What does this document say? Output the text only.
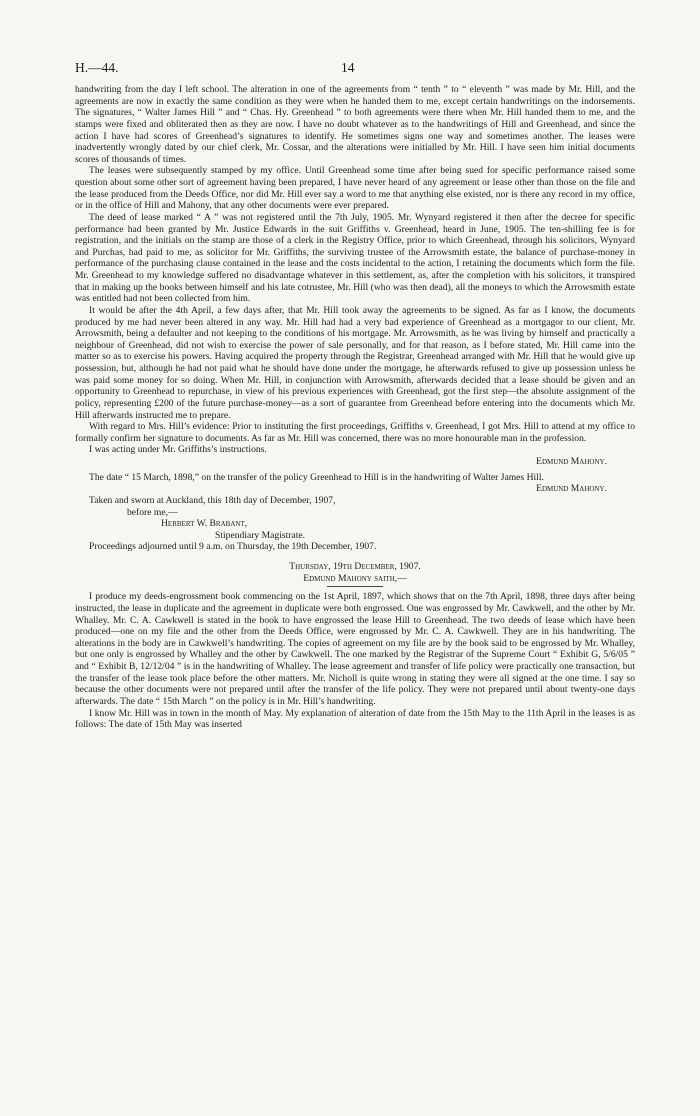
H.—44.	14

handwriting from the day I left school. The alteration in one of the agreements from “ tenth ” to “ eleventh ” was made by Mr. Hill, and the agreements are now in exactly the same condition as they were when he handed them to me, except certain handwritings on the indorsements. The signatures, “ Walter James Hill ” and “ Chas. Hy. Greenhead ” to both agreements were there when Mr. Hill handed them to me, and the stamps were fixed and obliterated then as they are now. I have no doubt whatever as to the handwritings of Hill and Greenhead, and since the action I have had scores of Greenhead’s signatures to identify. He sometimes signs one way and sometimes another. The leases were inadvertently wrongly dated by our chief clerk, Mr. Cossar, and the alterations were initialled by Mr. Hill. I have seen him initial documents scores of thousands of times.

The leases were subsequently stamped by my office. Until Greenhead some time after being sued for specific performance raised some question about some other sort of agreement having been prepared, I have never heard of any agreement or lease other than those on the file and the lease produced from the Deeds Office, nor did Mr. Hill ever say a word to me that anything else existed, nor is there any record in my office, or in the office of Hill and Mahony, that any other documents were ever prepared.

The deed of lease marked “ A ” was not registered until the 7th July, 1905. Mr. Wynyard registered it then after the decree for specific performance had been granted by Mr. Justice Edwards in the suit Griffiths v. Greenhead, heard in June, 1905. The ten-shilling fee is for registration, and the initials on the stamp are those of a clerk in the Registry Office, prior to which Greenhead, through his solicitors, Wynyard and Purchas, had paid to me, as solicitor for Mr. Griffiths, the surviving trustee of the Arrowsmith estate, the balance of purchase-money in performance of the purchasing clause contained in the lease and the costs incidental to the action, I retaining the documents which form the file. Mr. Greenhead to my knowledge suffered no disadvantage whatever in this settlement, as, after the completion with his solicitors, it transpired that in making up the books between himself and his late cotrustee, Mr. Hill (who was then dead), all the moneys to which the Arrowsmith estate was entitled had not been collected from him.

It would be after the 4th April, a few days after, that Mr. Hill took away the agreements to be signed. As far as I know, the documents produced by me had never been altered in any way. Mr. Hill had had a very bad experience of Greenhead as a mortgagor to our client, Mr. Arrowsmith, being a defaulter and not keeping to the conditions of his mortgage. Mr. Arrowsmith, as he was living by himself and practically a neighbour of Greenhead, did not wish to exercise the power of sale personally, and for that reason, as I before stated, Mr. Hill came into the matter so as to exercise his powers. Having acquired the property through the Registrar, Greenhead arranged with Mr. Hill that he would give up possession, but, although he had not paid what he should have done under the mortgage, he afterwards refused to give up possession unless he was paid some money for so doing. When Mr. Hill, in conjunction with Arrowsmith, afterwards decided that a lease should be given and an opportunity to Greenhead to repurchase, in view of his previous experiences with Greenhead, got the first step—the absolute assignment of the policy, representing £200 of the future purchase-money—as a sort of guarantee from Greenhead before entering into the documents which Mr. Hill afterwards instructed me to prepare.

With regard to Mrs. Hill’s evidence: Prior to instituting the first proceedings, Griffiths v. Greenhead, I got Mrs. Hill to attend at my office to formally confirm her signature to documents. As far as Mr. Hill was concerned, there was no more honourable man in the profession.

I was acting under Mr. Griffiths’s instructions.

Edmund Mahony.

The date “ 15 March, 1898,” on the transfer of the policy Greenhead to Hill is in the handwriting of Walter James Hill.

Edmund Mahony.

Taken and sworn at Auckland, this 18th day of December, 1907,

before me,—

Herbert W. Brabant,

Stipendiary Magistrate.

Proceedings adjourned until 9 a.m. on Thursday, the 19th December, 1907.

Thursday, 19th December, 1907.

Edmund Mahony saith,—

I produce my deeds-engrossment book commencing on the 1st April, 1897, which shows that on the 7th April, 1898, three days after being instructed, the lease in duplicate and the agreement in duplicate were both engrossed. One was engrossed by Mr. Cawkwell, and the other by Mr. Whalley. Mr. C. A. Cawkwell is stated in the book to have engrossed the lease Hill to Greenhead. The two deeds of lease which have been produced—one on my file and the other from the Deeds Office, were engrossed by Mr. C. A. Cawkwell. They are in his handwriting. The alterations in the body are in Cawkwell’s handwriting. The copies of agreement on my file are by the book said to be engrossed by Mr. Whalley, but one only is engrossed by Whalley and the other by Cawkwell. The one marked by the Registrar of the Supreme Court “ Exhibit G, 5/6/05 ” and “ Exhibit B, 12/12/04 ” is in the handwriting of Whalley. The lease agreement and transfer of life policy were practically one transaction, but the transfer of the lease took place before the other matters. Mr. Nicholl is quite wrong in stating they were all signed at the one time. I say so because the other documents were not prepared until after the transfer of the life policy. They were not prepared until about twenty-one days afterwards. The date “ 15th March ” on the policy is in Mr. Hill’s handwriting.

I know Mr. Hill was in town in the month of May. My explanation of alteration of date from the 15th May to the 11th April in the leases is as follows: The date of 15th May was inserted
